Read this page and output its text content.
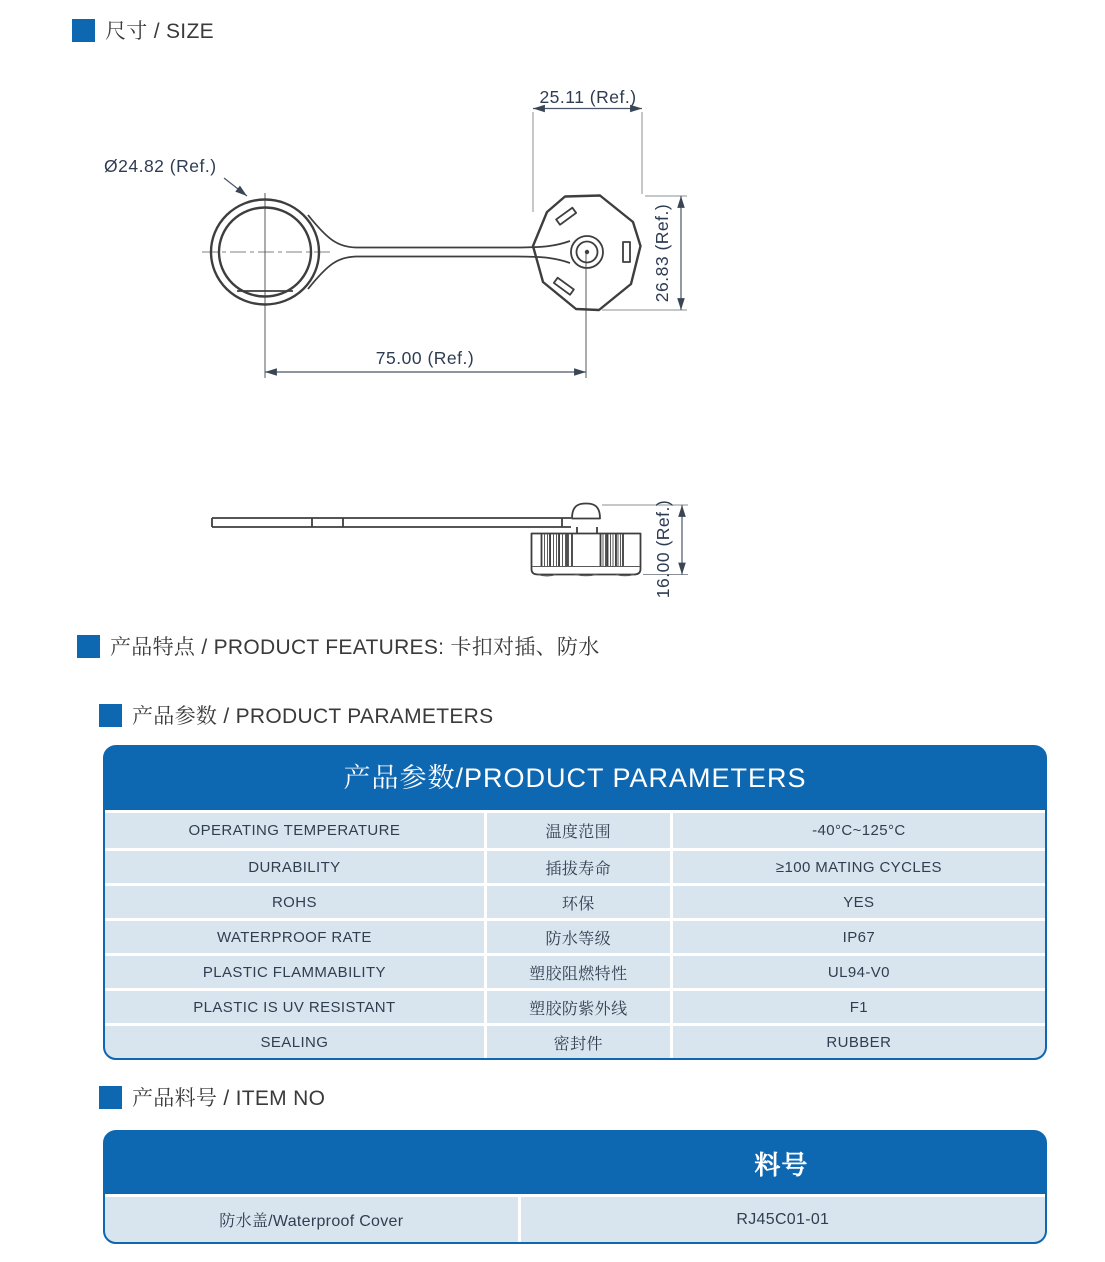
尺寸 / SIZE
25.11 (Ref.)
Ø24.82 (Ref.)
26.83 (Ref.)
75.00 (Ref.)
16.00 (Ref.)
产品特点 / PRODUCT FEATURES: 卡扣对插、防水
产品参数 / PRODUCT PARAMETERS
产品参数/PRODUCT PARAMETERS
OPERATING TEMPERATURE	温度范围	-40°C~125°C
DURABILITY	插拔寿命	≥100 MATING CYCLES
ROHS	环保	YES
WATERPROOF RATE	防水等级	IP67
PLASTIC FLAMMABILITY	塑胶阻燃特性	UL94-V0
PLASTIC IS UV RESISTANT	塑胶防紫外线	F1
SEALING	密封件	RUBBER
产品料号 / ITEM NO
料号
防水盖/Waterproof Cover	RJ45C01-01
